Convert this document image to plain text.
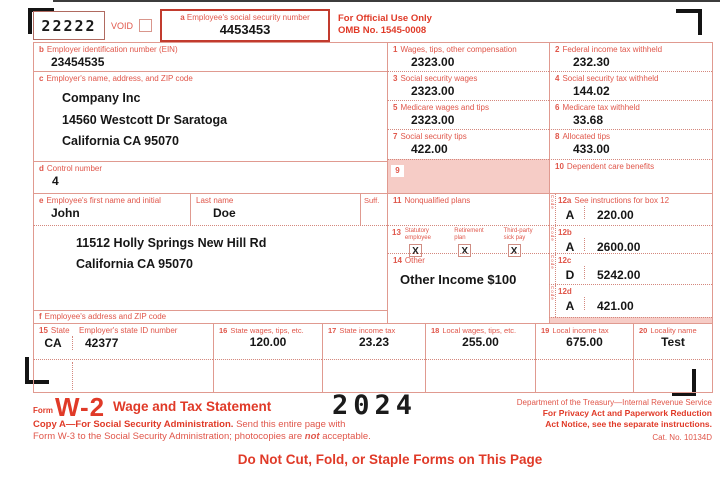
22222	VOID
a Employee's social security number
4453453
For Official Use Only
OMB No. 1545-0008
b Employer identification number (EIN)
23454535
c Employer's name, address, and ZIP code
Company Inc
14560 Westcott Dr Saratoga
California CA 95070
d Control number
4
e Employee's first name and initial
John
Last name
Doe
Suff.
11512 Holly Springs New Hill Rd
California CA 95070
f Employee's address and ZIP code
1 Wages, tips, other compensation
2323.00
2 Federal income tax withheld
232.30
3 Social security wages
2323.00
4 Social security tax withheld
144.02
5 Medicare wages and tips
2323.00
6 Medicare tax withheld
33.68
7 Social security tips
422.00
8 Allocated tips
433.00
9	10 Dependent care benefits
11 Nonqualified plans	Code 12a See instructions for box 12
A	220.00
13 Statutory employee
X
Retirement plan
X
Third-party sick pay
X
Code 12b
A	2600.00
14 Other
Other Income $100
Code 12c
D	5242.00
Code 12d
A	421.00
15 State	Employer's state ID number
CA	42377
16 State wages, tips, etc.
120.00
17 State income tax
23.23
18 Local wages, tips, etc.
255.00
19 Local income tax
675.00
20 Locality name
Test
Form W-2 Wage and Tax Statement 2024	Department of the Treasury—Internal Revenue Service
For Privacy Act and Paperwork Reduction
Act Notice, see the separate instructions.
Cat. No. 10134D
Copy A—For Social Security Administration. Send this entire page with
Form W-3 to the Social Security Administration; photocopies are not acceptable.
Do Not Cut, Fold, or Staple Forms on This Page
